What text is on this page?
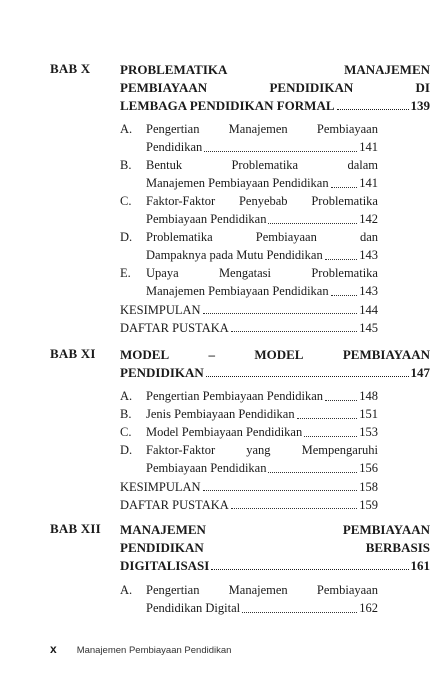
BAB X PROBLEMATIKA	MANAJEMEN
PEMBIAYAAN	PENDIDIKAN	DI
LEMBAGA PENDIDIKAN FORMAL	139
A.	Pengertian Manajemen Pembiayaan
Pendidikan	141
B.	Bentuk	Problematika	dalam
Manajemen Pembiayaan Pendidikan 141
C.	Faktor-Faktor Penyebab Problematika
Pembiayaan Pendidikan	142
D.	Problematika	Pembiayaan	dan
Dampaknya pada Mutu Pendidikan	143
E.	Upaya	Mengatasi	Problematika
Manajemen Pembiayaan Pendidikan 143
KESIMPULAN	144
DAFTAR PUSTAKA	145
BAB XI MODEL	–	MODEL	PEMBIAYAAN
PENDIDIKAN	147
A.	Pengertian Pembiayaan Pendidikan	148
B.	Jenis Pembiayaan Pendidikan	151
C.	Model Pembiayaan Pendidikan	153
D.	Faktor-Faktor yang Mempengaruhi
Pembiayaan Pendidikan	156
KESIMPULAN	158
DAFTAR PUSTAKA	159
BAB XII MANAJEMEN	PEMBIAYAAN
PENDIDIKAN	BERBASIS
DIGITALISASI	161
A.	Pengertian Manajemen Pembiayaan
Pendidikan Digital	162
x Manajemen Pembiayaan Pendidikan
